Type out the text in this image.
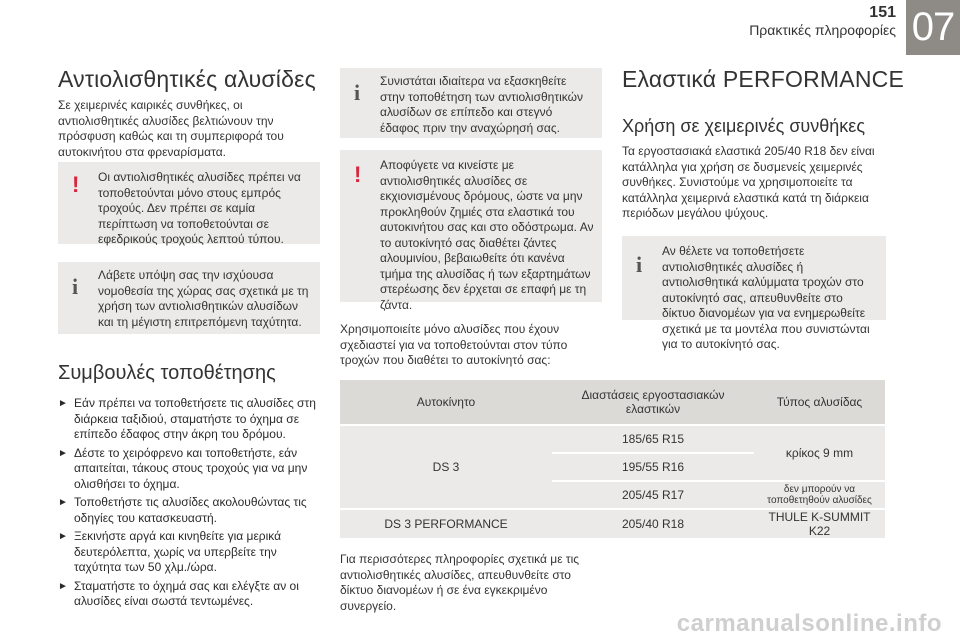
151
Πρακτικές πληροφορίες 07
Αντιολισθητικές αλυσίδες

Σε χειμερινές καιρικές συνθήκες, οι αντιολισθητικές αλυσίδες βελτιώνουν την πρόσφυση καθώς και τη συμπεριφορά του αυτοκινήτου στα φρεναρίσματα.

! Οι αντιολισθητικές αλυσίδες πρέπει να τοποθετούνται μόνο στους εμπρός τροχούς. Δεν πρέπει σε καμία περίπτωση να τοποθετούνται σε εφεδρικούς τροχούς λεπτού τύπου.
i Λάβετε υπόψη σας την ισχύουσα νομοθεσία της χώρας σας σχετικά με τη χρήση των αντιολισθητικών αλυσίδων και τη μέγιστη επιτρεπόμενη ταχύτητα.
Συμβουλές τοποθέτησης
► Εάν πρέπει να τοποθετήσετε τις αλυσίδες στη διάρκεια ταξιδιού, σταματήστε το όχημα σε επίπεδο έδαφος στην άκρη του δρόμου.
► Δέστε το χειρόφρενο και τοποθετήστε, εάν απαιτείται, τάκους στους τροχούς για να μην ολισθήσει το όχημα.
► Τοποθετήστε τις αλυσίδες ακολουθώντας τις οδηγίες του κατασκευαστή.
► Ξεκινήστε αργά και κινηθείτε για μερικά δευτερόλεπτα, χωρίς να υπερβείτε την ταχύτητα των 50 χλμ./ώρα.
► Σταματήστε το όχημά σας και ελέγξτε αν οι αλυσίδες είναι σωστά τεντωμένες.
i Συνιστάται ιδιαίτερα να εξασκηθείτε στην τοποθέτηση των αντιολισθητικών αλυσίδων σε επίπεδο και στεγνό έδαφος πριν την αναχώρησή σας.
! Αποφύγετε να κινείστε με αντιολισθητικές αλυσίδες σε εκχιονισμένους δρόμους, ώστε να μην προκληθούν ζημιές στα ελαστικά του αυτοκινήτου σας και στο οδόστρωμα. Αν το αυτοκίνητό σας διαθέτει ζάντες αλουμινίου, βεβαιωθείτε ότι κανένα τμήμα της αλυσίδας ή των εξαρτημάτων στερέωσης δεν έρχεται σε επαφή με τη ζάντα.

Χρησιμοποιείτε μόνο αλυσίδες που έχουν σχεδιαστεί για να τοποθετούνται στον τύπο τροχών που διαθέτει το αυτοκίνητό σας:

Αυτοκίνητο	Διαστάσεις εργοστασιακών ελαστικών	Τύπος αλυσίδας
DS 3	185/65 R15	κρίκος 9 mm
	195/55 R16	
	205/45 R17	δεν μπορούν να τοποθετηθούν αλυσίδες
DS 3 PERFORMANCE	205/40 R18	THULE K-SUMMIT K22

Για περισσότερες πληροφορίες σχετικά με τις αντιολισθητικές αλυσίδες, απευθυνθείτε στο δίκτυο διανομέων ή σε ένα εγκεκριμένο συνεργείο.

Ελαστικά PERFORMANCE
Χρήση σε χειμερινές συνθήκες

Τα εργοστασιακά ελαστικά 205/40 R18 δεν είναι κατάλληλα για χρήση σε δυσμενείς χειμερινές συνθήκες. Συνιστούμε να χρησιμοποιείτε τα κατάλληλα χειμερινά ελαστικά κατά τη διάρκεια περιόδων μεγάλου ψύχους.

i
Αν θέλετε να τοποθετήσετε αντιολισθητικές αλυσίδες ή αντιολισθητικά καλύμματα τροχών στο αυτοκίνητό σας, απευθυνθείτε στο δίκτυο διανομέων για να ενημερωθείτε σχετικά με τα μοντέλα που συνιστώνται για το αυτοκίνητό σας.
carmanualsonline.info
